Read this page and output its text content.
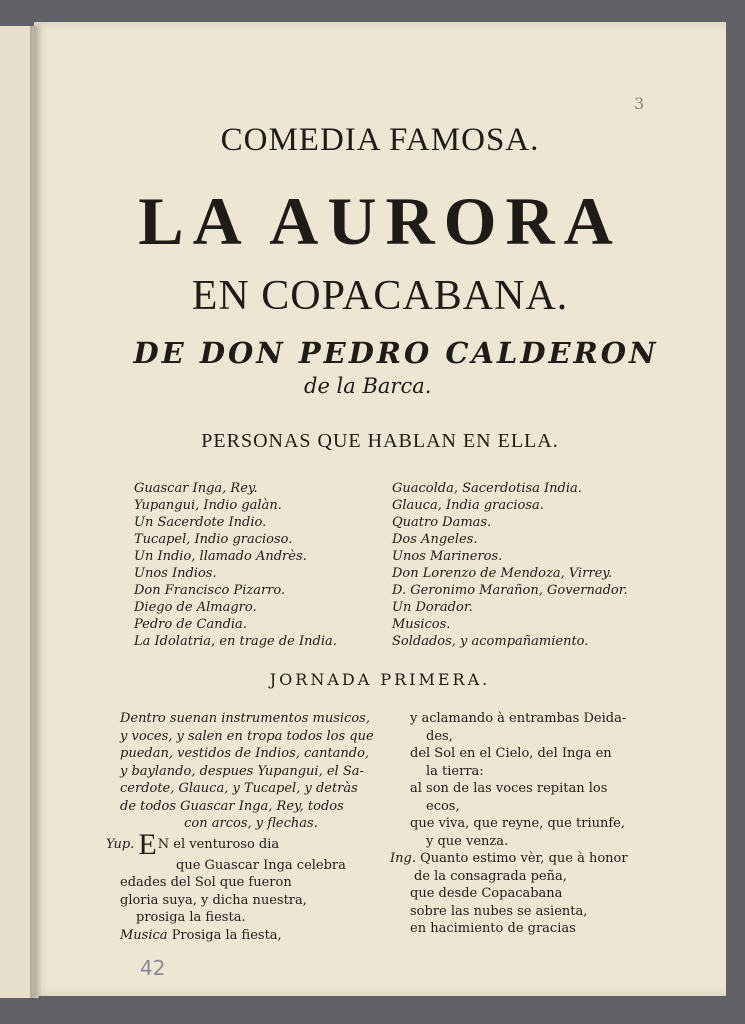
3
COMEDIA FAMOSA.
LA AURORA
EN COPACABANA.
DE DON PEDRO CALDERON
de la Barca.
PERSONAS QUE HABLAN EN ELLA.
Guascar Inga, Rey.
Yupangui, Indio galàn.
Un Sacerdote Indio.
Tucapel, Indio gracioso.
Un Indio, llamado Andrès.
Unos Indios.
Don Francisco Pizarro.
Diego de Almagro.
Pedro de Candia.
La Idolatria, en trage de India.
Guacolda, Sacerdotisa India.
Glauca, India graciosa.
Quatro Damas.
Dos Angeles.
Unos Marineros.
Don Lorenzo de Mendoza, Virrey.
D. Geronimo Marañon, Governador.
Un Dorador.
Musicos.
Soldados, y acompañamiento.
JORNADA PRIMERA.
Dentro suenan instrumentos musicos,
y voces, y salen en tropa todos los que
puedan, vestidos de Indios, cantando,
y baylando, despues Yupangui, el Sa-
cerdote, Glauca, y Tucapel, y detràs
de todos Guascar Inga, Rey, todos
con arcos, y flechas.
Yup. EN el venturoso dia
que Guascar Inga celebra
edades del Sol que fueron
gloria suya, y dicha nuestra,
prosiga la fiesta.
Musica Prosiga la fiesta,
y aclamando à entrambas Deida-
des,
del Sol en el Cielo, del Inga en
la tierra:
al son de las voces repitan los
ecos,
que viva, que reyne, que triunfe,
y que venza.
Ing. Quanto estimo vèr, que à honor
de la consagrada peña,
que desde Copacabana
sobre las nubes se asienta,
en hacimiento de gracias
42
